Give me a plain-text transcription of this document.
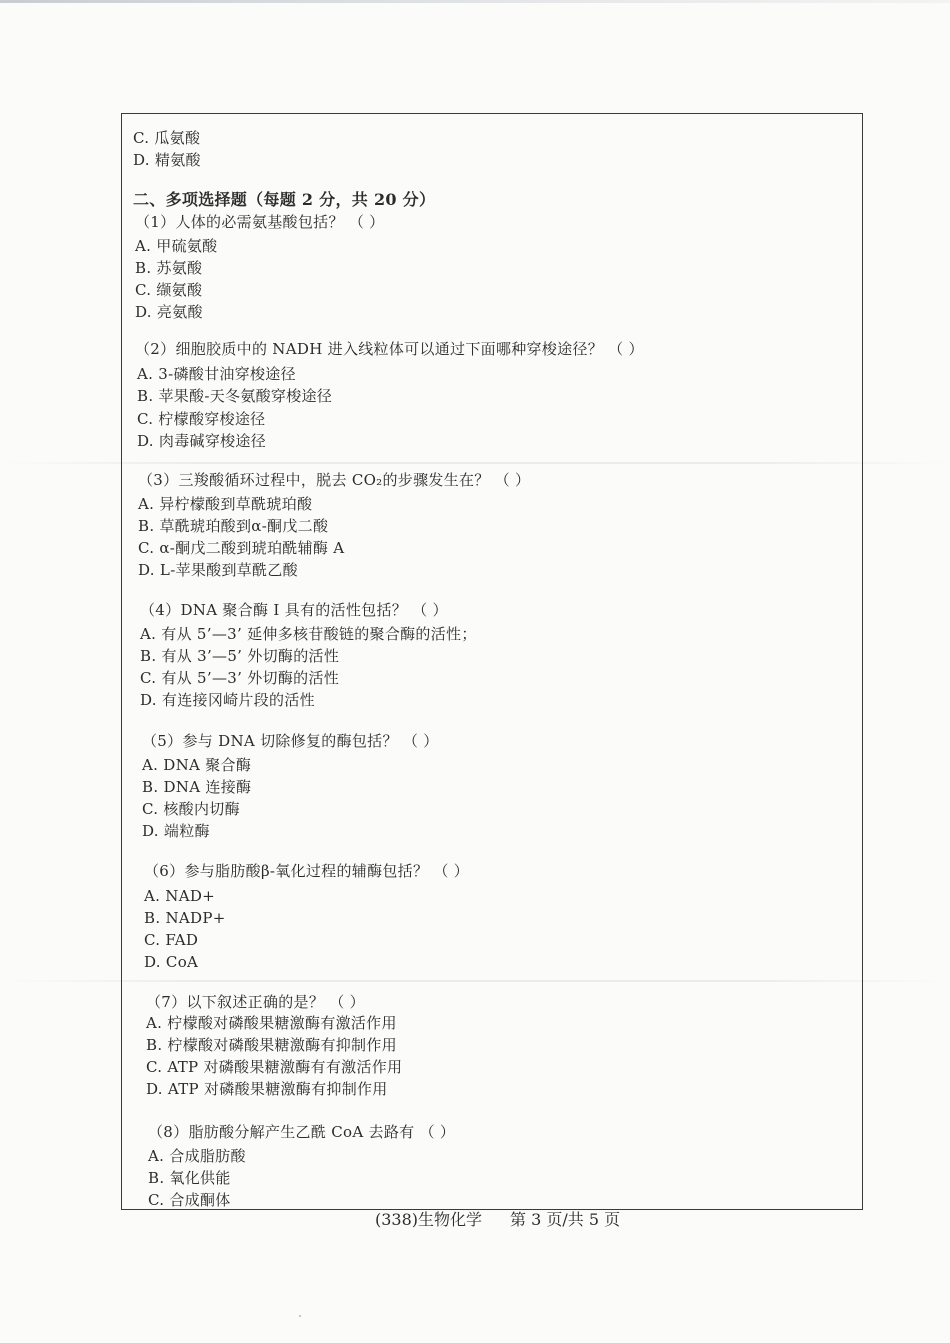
C. 瓜氨酸
D. 精氨酸
二、多项选择题（每题 2 分，共 20 分）
（1）人体的必需氨基酸包括？ （ ）
A. 甲硫氨酸
B. 苏氨酸
C. 缬氨酸
D. 亮氨酸
（2）细胞胶质中的 NADH 进入线粒体可以通过下面哪种穿梭途径？ （ ）
A. 3-磷酸甘油穿梭途径
B. 苹果酸-天冬氨酸穿梭途径
C. 柠檬酸穿梭途径
D. 肉毒碱穿梭途径
（3）三羧酸循环过程中，脱去 CO₂的步骤发生在？ （ ）
A. 异柠檬酸到草酰琥珀酸
B. 草酰琥珀酸到α-酮戊二酸
C. α-酮戊二酸到琥珀酰辅酶 A
D. L-苹果酸到草酰乙酸
（4）DNA 聚合酶 I 具有的活性包括？ （ ）
A. 有从 5’—3’ 延伸多核苷酸链的聚合酶的活性；
B. 有从 3’—5’ 外切酶的活性
C. 有从 5’—3’ 外切酶的活性
D. 有连接冈崎片段的活性
（5）参与 DNA 切除修复的酶包括？ （ ）
A. DNA 聚合酶
B. DNA 连接酶
C. 核酸内切酶
D. 端粒酶
（6）参与脂肪酸β-氧化过程的辅酶包括？ （ ）
A. NAD+
B. NADP+
C. FAD
D. CoA
（7）以下叙述正确的是？ （ ）
A. 柠檬酸对磷酸果糖激酶有激活作用
B. 柠檬酸对磷酸果糖激酶有抑制作用
C. ATP 对磷酸果糖激酶有有激活作用
D. ATP 对磷酸果糖激酶有抑制作用
（8）脂肪酸分解产生乙酰 CoA 去路有 （ ）
A. 合成脂肪酸
B. 氧化供能
C. 合成酮体
(338)生物化学 第 3 页/共 5 页
